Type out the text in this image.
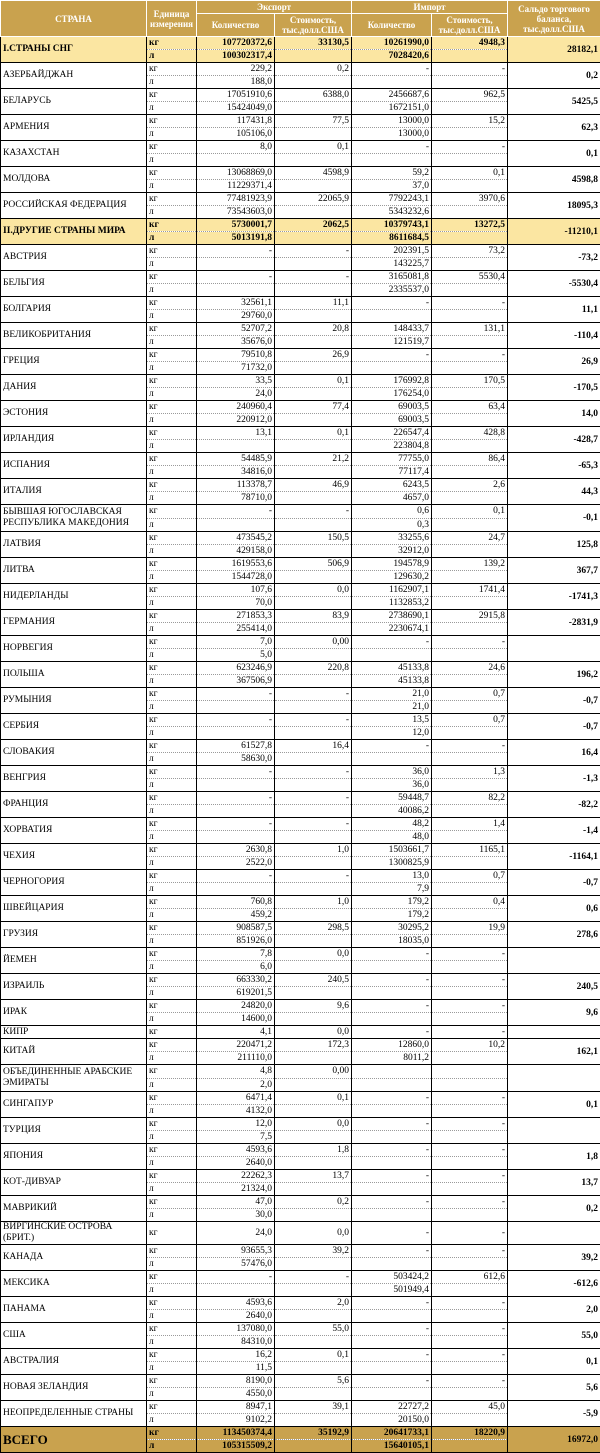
СТРАНА	Единица измерения	Экспорт		Импорт		Сальдо торгового баланса, тыс.долл.США
		Количество	Стоимость, тыс.долл.США	Количество	Стоимость, тыс.долл.США	
I.СТРАНЫ СНГ	кг	107720372,6	33130,5	10261990,0	4948,3	28182,1
	л	100302317,4		7028420,6		
АЗЕРБАЙДЖАН	кг	229,2	0,2	-	-	0,2
	л	188,0				
БЕЛАРУСЬ	кг	17051910,6	6388,0	2456687,6	962,5	5425,5
	л	15424049,0		1672151,0		
АРМЕНИЯ	кг	117431,8	77,5	13000,0	15,2	62,3
	л	105106,0		13000,0		
КАЗАХСТАН	кг	8,0	0,1	-	-	0,1
	л					
МОЛДОВА	кг	13068869,0	4598,9	59,2	0,1	4598,8
	л	11229371,4		37,0		
РОССИЙСКАЯ ФЕДЕРАЦИЯ	кг	77481923,9	22065,9	7792243,1	3970,6	18095,3
	л	73543603,0		5343232,6		
II.ДРУГИЕ СТРАНЫ МИРА	кг	5730001,7	2062,5	10379743,1	13272,5	-11210,1
	л	5013191,8		8611684,5		
АВСТРИЯ	кг	-	-	202391,5	73,2	-73,2
	л			143225,7		
БЕЛЬГИЯ	кг	-	-	3165081,8	5530,4	-5530,4
	л			2335537,0		
БОЛГАРИЯ	кг	32561,1	11,1	-	-	11,1
	л	29760,0				
ВЕЛИКОБРИТАНИЯ	кг	52707,2	20,8	148433,7	131,1	-110,4
	л	35676,0		121519,7		
ГРЕЦИЯ	кг	79510,8	26,9	-	-	26,9
	л	71732,0				
ДАНИЯ	кг	33,5	0,1	176992,8	170,5	-170,5
	л	24,0		176254,0		
ЭСТОНИЯ	кг	240960,4	77,4	69003,5	63,4	14,0
	л	220912,0		69003,5		
ИРЛАНДИЯ	кг	13,1	0,1	226547,4	428,8	-428,7
	л			223804,8		
ИСПАНИЯ	кг	54485,9	21,2	77755,0	86,4	-65,3
	л	34816,0		77117,4		
ИТАЛИЯ	кг	113378,7	46,9	6243,5	2,6	44,3
	л	78710,0		4657,0		
БЫВШАЯ ЮГОСЛАВСКАЯ РЕСПУБЛИКА МАКЕДОНИЯ	кг	-	-	0,6	0,1	-0,1
	л			0,3		
ЛАТВИЯ	кг	473545,2	150,5	33255,6	24,7	125,8
	л	429158,0		32912,0		
ЛИТВА	кг	1619553,6	506,9	194578,9	139,2	367,7
	л	1544728,0		129630,2		
НИДЕРЛАНДЫ	кг	107,6	0,0	1162907,1	1741,4	-1741,3
	л	70,0		1132853,2		
ГЕРМАНИЯ	кг	271853,3	83,9	2738690,1	2915,8	-2831,9
	л	255414,0		2230674,1		
НОРВЕГИЯ	кг	7,0	0,00	-	-	
	л	5,0				
ПОЛЬША	кг	623246,9	220,8	45133,8	24,6	196,2
	л	367506,9		45133,8		
РУМЫНИЯ	кг	-	-	21,0	0,7	-0,7
	л			21,0		
СЕРБИЯ	кг	-	-	13,5	0,7	-0,7
	л			12,0		
СЛОВАКИЯ	кг	61527,8	16,4	-	-	16,4
	л	58630,0				
ВЕНГРИЯ	кг	-	-	36,0	1,3	-1,3
	л			36,0		
ФРАНЦИЯ	кг	-	-	59448,7	82,2	-82,2
	л			40086,2		
ХОРВАТИЯ	кг	-	-	48,2	1,4	-1,4
	л			48,0		
ЧЕХИЯ	кг	2630,8	1,0	1503661,7	1165,1	-1164,1
	л	2522,0		1300825,9		
ЧЕРНОГОРИЯ	кг	-	-	13,0	0,7	-0,7
	л			7,9		
ШВЕЙЦАРИЯ	кг	760,8	1,0	179,2	0,4	0,6
	л	459,2		179,2		
ГРУЗИЯ	кг	908587,5	298,5	30295,2	19,9	278,6
	л	851926,0		18035,0		
ЙЕМЕН	кг	7,8	0,0	-	-	
	л	6,0				
ИЗРАИЛЬ	кг	663330,2	240,5	-	-	240,5
	л	619201,5				
ИРАК	кг	24820,0	9,6	-	-	9,6
	л	14600,0				
КИПР	кг	4,1	0,0	-	-	
КИТАЙ	кг	220471,2	172,3	12860,0	10,2	162,1
	л	211110,0		8011,2		
ОБЪЕДИНЕННЫЕ АРАБСКИЕ ЭМИРАТЫ	кг	4,8	0,00			
	л	2,0				
СИНГАПУР	кг	6471,4	0,1	-	-	0,1
	л	4132,0				
ТУРЦИЯ	кг	12,0	0,0	-	-	
	л	7,5				
ЯПОНИЯ	кг	4593,6	1,8	-	-	1,8
	л	2640,0				
КОТ-ДИВУАР	кг	22262,3	13,7	-	-	13,7
	л	21324,0				
МАВРИКИЙ	кг	47,0	0,2	-	-	0,2
	л	30,0				
ВИРГИНСКИЕ ОСТРОВА (БРИТ.)	кг	24,0	0,0	-	-	
КАНАДА	кг	93655,3	39,2	-	-	39,2
	л	57476,0				
МЕКСИКА	кг	-	-	503424,2	612,6	-612,6
	л			501949,4		
ПАНАМА	кг	4593,6	2,0	-	-	2,0
	л	2640,0				
США	кг	137080,0	55,0	-	-	55,0
	л	84310,0				
АВСТРАЛИЯ	кг	16,2	0,1	-	-	0,1
	л	11,5				
НОВАЯ ЗЕЛАНДИЯ	кг	8190,0	5,6	-	-	5,6
	л	4550,0				
НЕОПРЕДЕЛЕННЫЕ СТРАНЫ	кг	8947,1	39,1	22727,2	45,0	-5,9
	л	9102,2		20150,0		
ВСЕГО	кг	113450374,4	35192,9	20641733,1	18220,9	16972,0
	л	105315509,2		15640105,1		
